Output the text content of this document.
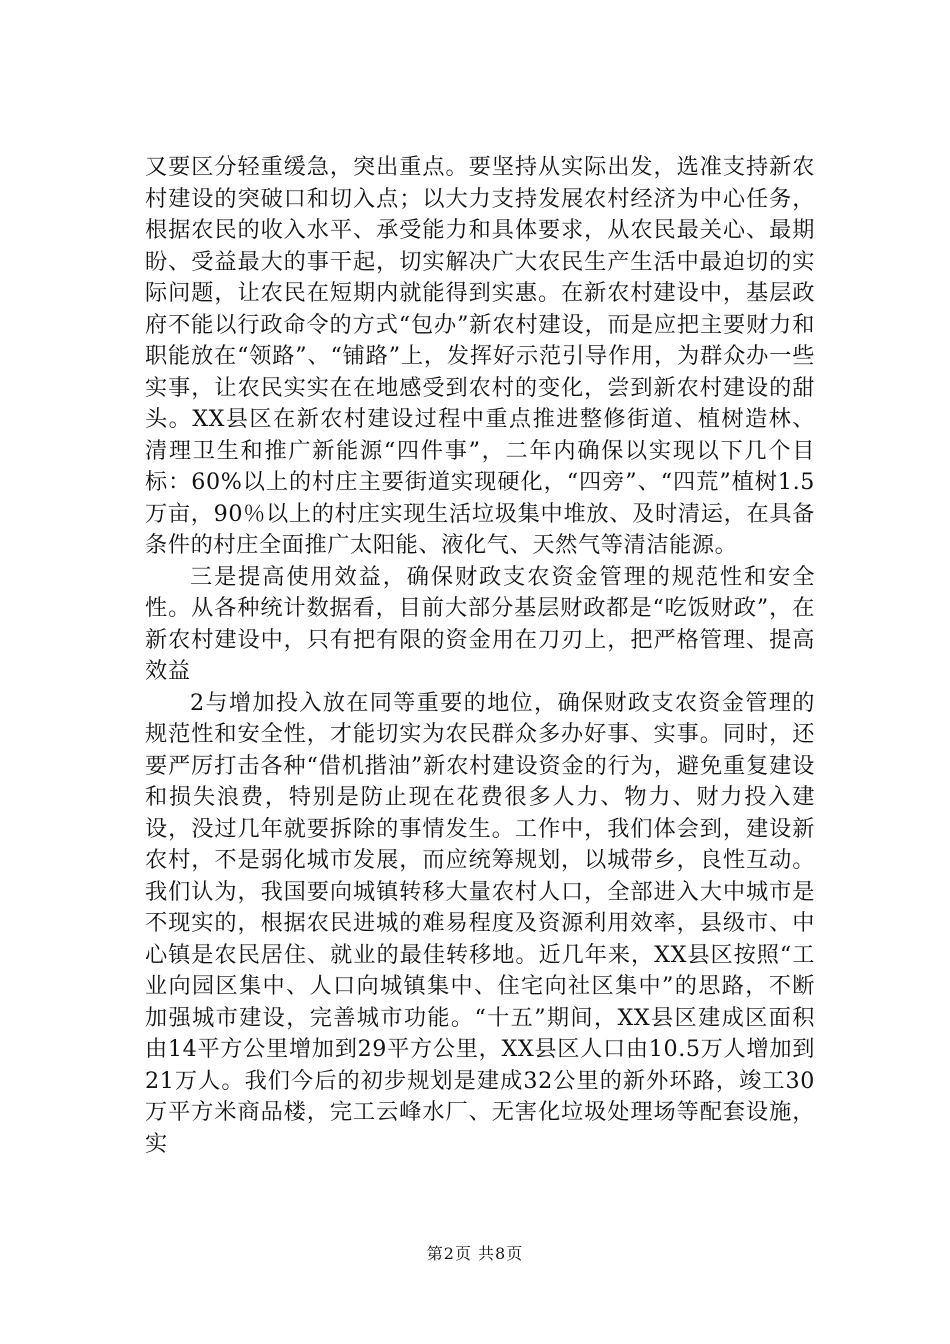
又要区分轻重缓急，突出重点。要坚持从实际出发，选准支持新农村建设的突破口和切入点；以大力支持发展农村经济为中心任务，根据农民的收入水平、承受能力和具体要求，从农民最关心、最期盼、受益最大的事干起，切实解决广大农民生产生活中最迫切的实际问题，让农民在短期内就能得到实惠。在新农村建设中，基层政府不能以行政命令的方式“包办”新农村建设，而是应把主要财力和职能放在“领路”、“铺路”上，发挥好示范引导作用，为群众办一些实事，让农民实实在在地感受到农村的变化，尝到新农村建设的甜头。XX县区在新农村建设过程中重点推进整修街道、植树造林、清理卫生和推广新能源“四件事”，二年内确保以实现以下几个目标：60%以上的村庄主要街道实现硬化，“四旁”、“四荒”植树1.5万亩，90％以上的村庄实现生活垃圾集中堆放、及时清运，在具备条件的村庄全面推广太阳能、液化气、天然气等清洁能源。

三是提高使用效益，确保财政支农资金管理的规范性和安全性。从各种统计数据看，目前大部分基层财政都是“吃饭财政”，在新农村建设中，只有把有限的资金用在刀刃上，把严格管理、提高效益

2与增加投入放在同等重要的地位，确保财政支农资金管理的规范性和安全性，才能切实为农民群众多办好事、实事。同时，还要严厉打击各种“借机揩油”新农村建设资金的行为，避免重复建设和损失浪费，特别是防止现在花费很多人力、物力、财力投入建设，没过几年就要拆除的事情发生。工作中，我们体会到，建设新农村，不是弱化城市发展，而应统筹规划，以城带乡，良性互动。我们认为，我国要向城镇转移大量农村人口，全部进入大中城市是不现实的，根据农民进城的难易程度及资源利用效率，县级市、中心镇是农民居住、就业的最佳转移地。近几年来，XX县区按照“工业向园区集中、人口向城镇集中、住宅向社区集中”的思路，不断加强城市建设，完善城市功能。“十五”期间，XX县区建成区面积由14平方公里增加到29平方公里，XX县区人口由10.5万人增加到21万人。我们今后的初步规划是建成32公里的新外环路，竣工30万平方米商品楼，完工云峰水厂、无害化垃圾处理场等配套设施，实

第2页 共8页
